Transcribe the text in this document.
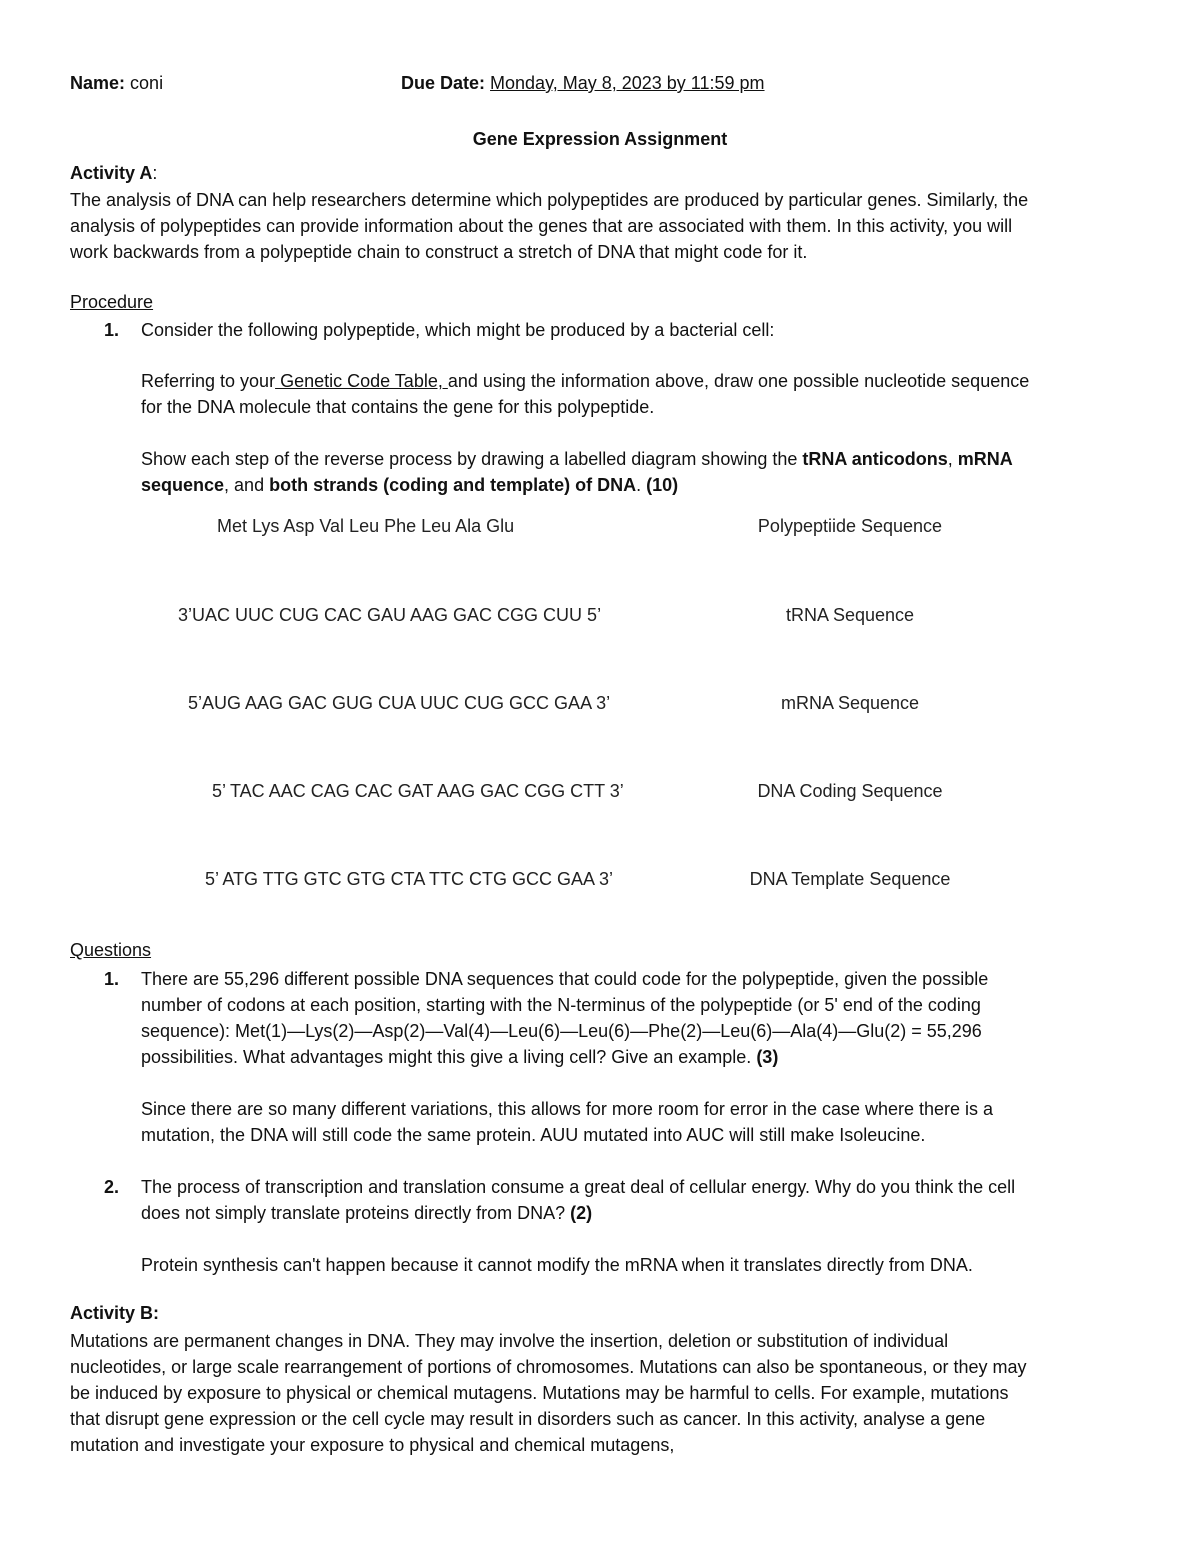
Name: coni	Due Date: Monday, May 8, 2023 by 11:59 pm
Gene Expression Assignment
Activity A:
The analysis of DNA can help researchers determine which polypeptides are produced by particular genes. Similarly, the
analysis of polypeptides can provide information about the genes that are associated with them. In this activity, you will
work backwards from a polypeptide chain to construct a stretch of DNA that might code for it.
Procedure
1. Consider the following polypeptide, which might be produced by a bacterial cell:
Referring to your Genetic Code Table, and using the information above, draw one possible nucleotide sequence
for the DNA molecule that contains the gene for this polypeptide.
Show each step of the reverse process by drawing a labelled diagram showing the tRNA anticodons, mRNA
sequence, and both strands (coding and template) of DNA. (10)
Met Lys Asp Val Leu Phe Leu Ala Glu	Polypeptiide Sequence
3’UAC UUC CUG CAC GAU AAG GAC CGG CUU 5’	tRNA Sequence
5’AUG AAG GAC GUG CUA UUC CUG GCC GAA 3’	mRNA Sequence
5’ TAC AAC CAG CAC GAT AAG GAC CGG CTT 3’	DNA Coding Sequence
5’ ATG TTG GTC GTG CTA TTC CTG GCC GAA 3’	DNA Template Sequence
Questions
1. There are 55,296 different possible DNA sequences that could code for the polypeptide, given the possible
number of codons at each position, starting with the N-terminus of the polypeptide (or 5' end of the coding
sequence): Met(1)—Lys(2)—Asp(2)—Val(4)—Leu(6)—Leu(6)—Phe(2)—Leu(6)—Ala(4)—Glu(2) = 55,296
possibilities. What advantages might this give a living cell? Give an example. (3)
Since there are so many different variations, this allows for more room for error in the case where there is a
mutation, the DNA will still code the same protein. AUU mutated into AUC will still make Isoleucine.
2. The process of transcription and translation consume a great deal of cellular energy. Why do you think the cell
does not simply translate proteins directly from DNA? (2)
Protein synthesis can't happen because it cannot modify the mRNA when it translates directly from DNA.
Activity B:
Mutations are permanent changes in DNA. They may involve the insertion, deletion or substitution of individual
nucleotides, or large scale rearrangement of portions of chromosomes. Mutations can also be spontaneous, or they may
be induced by exposure to physical or chemical mutagens. Mutations may be harmful to cells. For example, mutations
that disrupt gene expression or the cell cycle may result in disorders such as cancer. In this activity, analyse a gene
mutation and investigate your exposure to physical and chemical mutagens,
